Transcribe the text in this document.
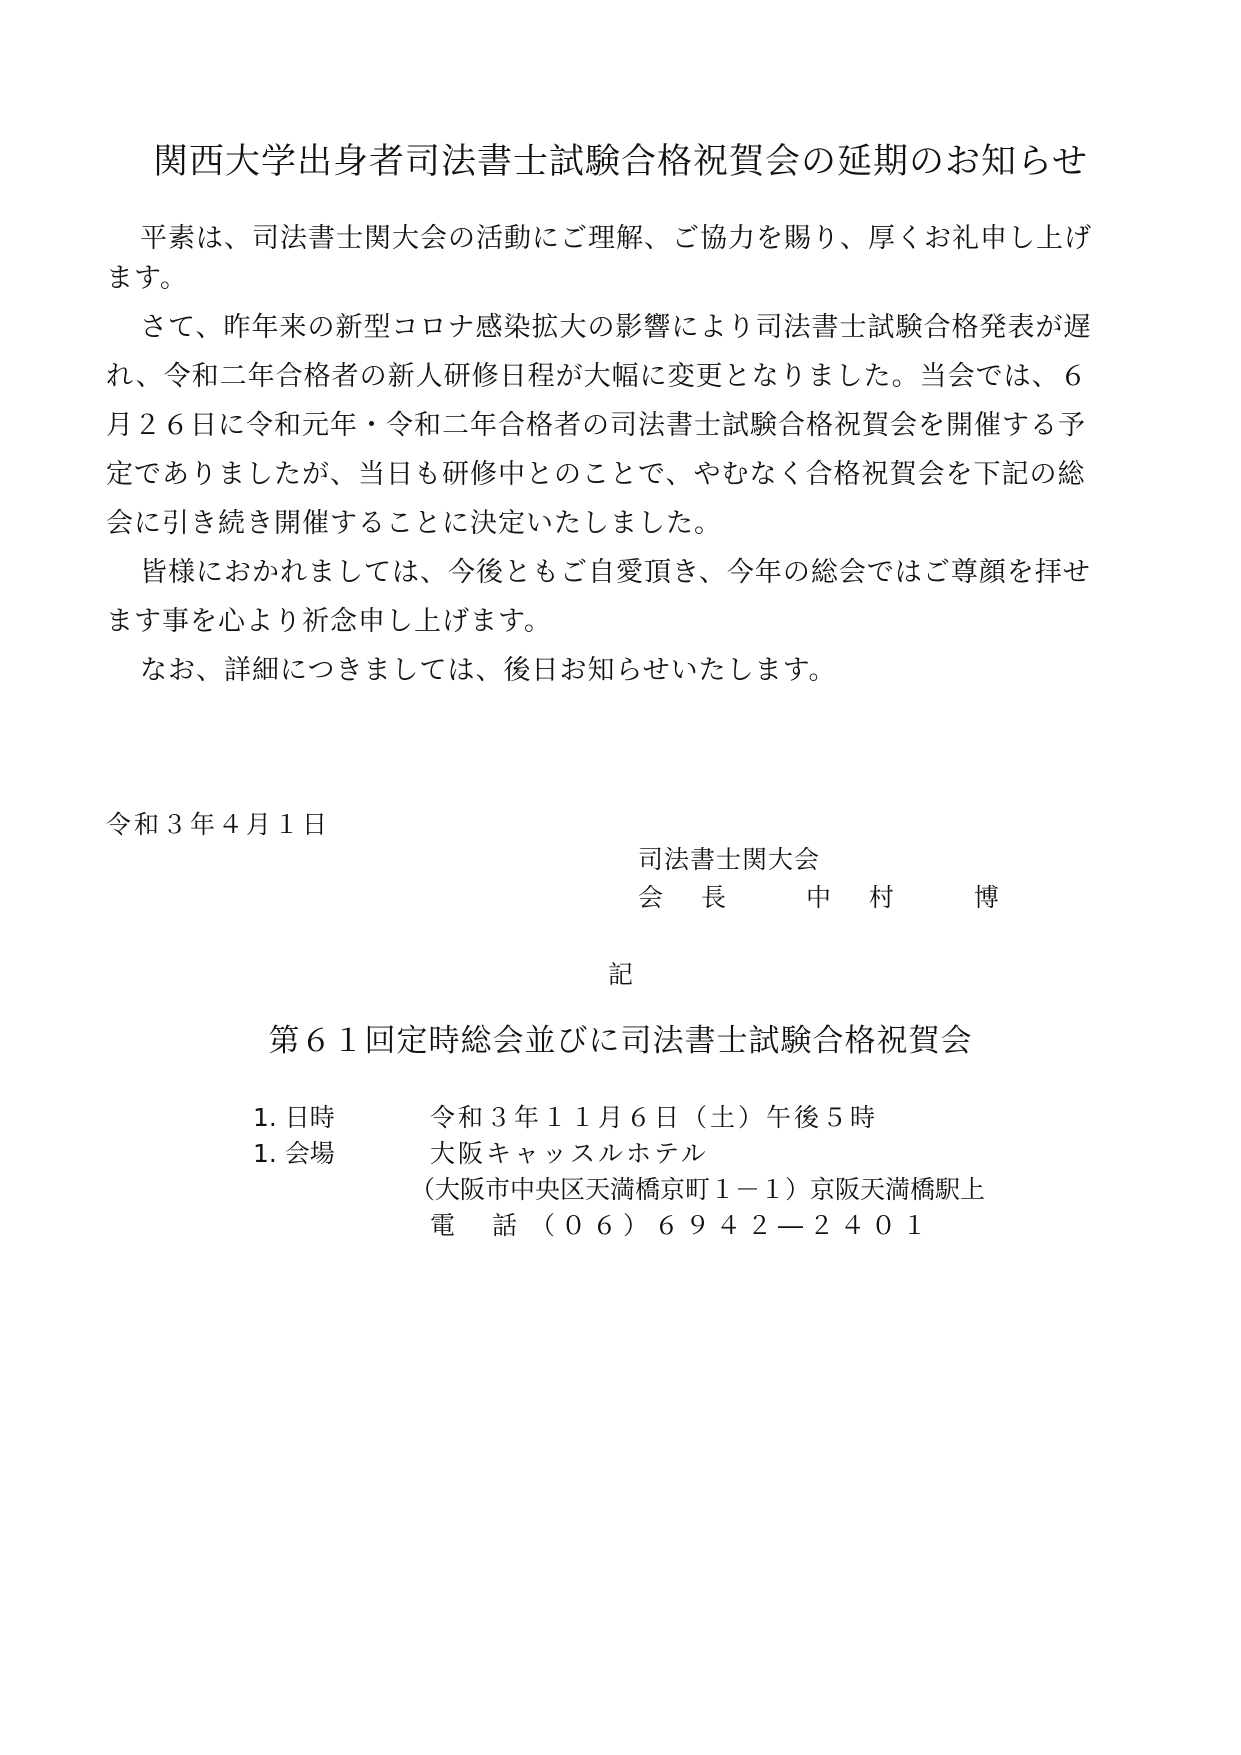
関西大学出身者司法書士試験合格祝賀会の延期のお知らせ
平素は、司法書士関大会の活動にご理解、ご協力を賜り、厚くお礼申し上げ
ます。
さて、昨年来の新型コロナ感染拡大の影響により司法書士試験合格発表が遅
れ、令和二年合格者の新人研修日程が大幅に変更となりました。当会では、６
月２６日に令和元年・令和二年合格者の司法書士試験合格祝賀会を開催する予
定でありましたが、当日も研修中とのことで、やむなく合格祝賀会を下記の総
会に引き続き開催することに決定いたしました。
皆様におかれましては、今後ともご自愛頂き、今年の総会ではご尊顔を拝せ
ます事を心より祈念申し上げます。
なお、詳細につきましては、後日お知らせいたします。
令和３年４月１日
司法書士関大会
会 長	中 村	博
記
第６１回定時総会並びに司法書士試験合格祝賀会
1. 日時	令和３年１１月６日（土）午後５時
1. 会場	大阪キャッスルホテル
（大阪市中央区天満橋京町１－１）京阪天満橋駅上
電　話 （０６）６９４２―２４０１
